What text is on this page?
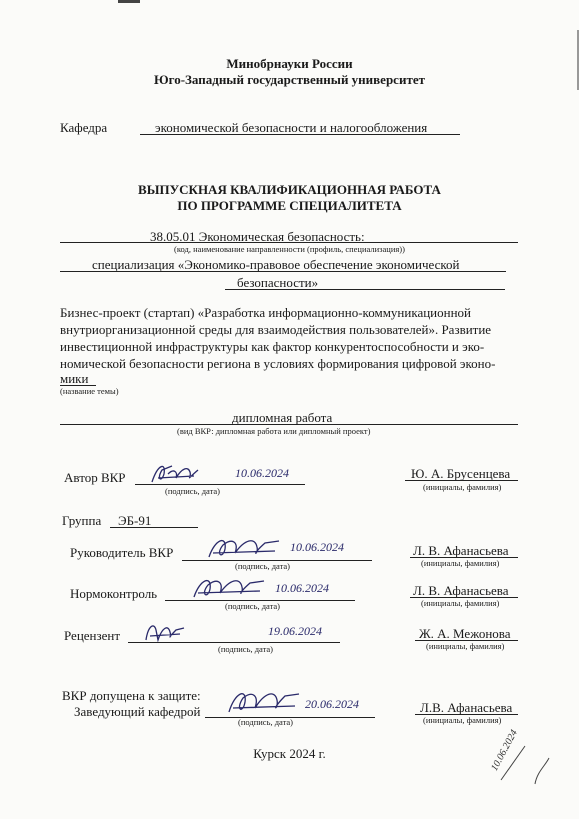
Минобрнауки России
Юго-Западный государственный университет
Кафедра	экономической безопасности и налогообложения
ВЫПУСКНАЯ КВАЛИФИКАЦИОННАЯ РАБОТА
ПО ПРОГРАММЕ СПЕЦИАЛИТЕТА
38.05.01 Экономическая безопасность:
(код, наименование направленности (профиль, специализация))
специализация «Экономико-правовое обеспечение экономической
безопасности»
Бизнес-проект (стартап) «Разработка информационно-коммуникационной
внутриорганизационной среды для взаимодействия пользователей». Развитие
инвестиционной инфраструктуры как фактор конкурентоспособности и эко-
номической безопасности региона в условиях формирования цифровой эконо-
мики
(название темы)
дипломная работа
(вид ВКР: дипломная работа или дипломный проект)
Автор ВКР	10.06.2024
(подпись, дата)
Ю. А. Брусенцева
(инициалы, фамилия)
Группа ЭБ-91
Руководитель ВКР	10.06.2024
(подпись, дата)
Л. В. Афанасьева
(инициалы, фамилия)
Нормоконтроль	10.06.2024
(подпись, дата)
Л. В. Афанасьева
(инициалы, фамилия)
Рецензент	19.06.2024
(подпись, дата)
Ж. А. Межонова
(инициалы, фамилия)
ВКР допущена к защите:
Заведующий кафедрой	20.06.2024
(подпись, дата)
Л.В. Афанасьева
(инициалы, фамилия)
Курск 2024 г.	10.06.2024
